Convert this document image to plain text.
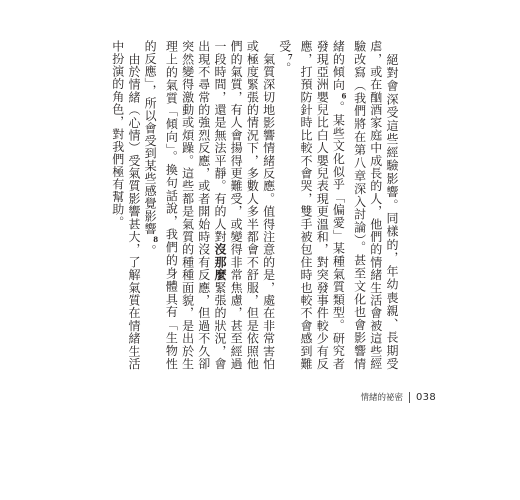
　絕對會深受這些經驗影響。同樣的，年幼喪親、長期受虐，或在酗酒家庭中成長的人，他們的情緒生活會被這些經驗改寫（我們將在第八章深入討論）。甚至文化也會影響情緒的傾向$^6$。某些文化似乎「偏愛」某種氣質類型。研究者發現亞洲嬰兒比白人嬰兒表現更溫和，對突發事件較少有反應，打預防針時比較不會哭，雙手被包住時也較不會感到難受$^7$。

　氣質深切地影響情緒反應。值得注意的是，處在非常害怕或極度緊張的情況下，多數人多半都會不舒服，但是依照他們的氣質，有人會揚得更難受，或變得非常焦慮，甚至經過一段時間，還是無法平靜。有的人對沒那麼緊張的狀況，會出現不尋常的強烈反應，或者開始時沒有反應，但過不久卻突然變得激動或煩躁。這些都是氣質的種種面貌，是出於生理上的氣質「傾向」。換句話說，我們的身體具有「生物性的反應」，所以會受到某些感覺影響$^8$。

　由於情緒（心情）受氣質影響甚大，了解氣質在情緒生活中扮演的角色，對我們極有幫助。

情緒的祕密 038
